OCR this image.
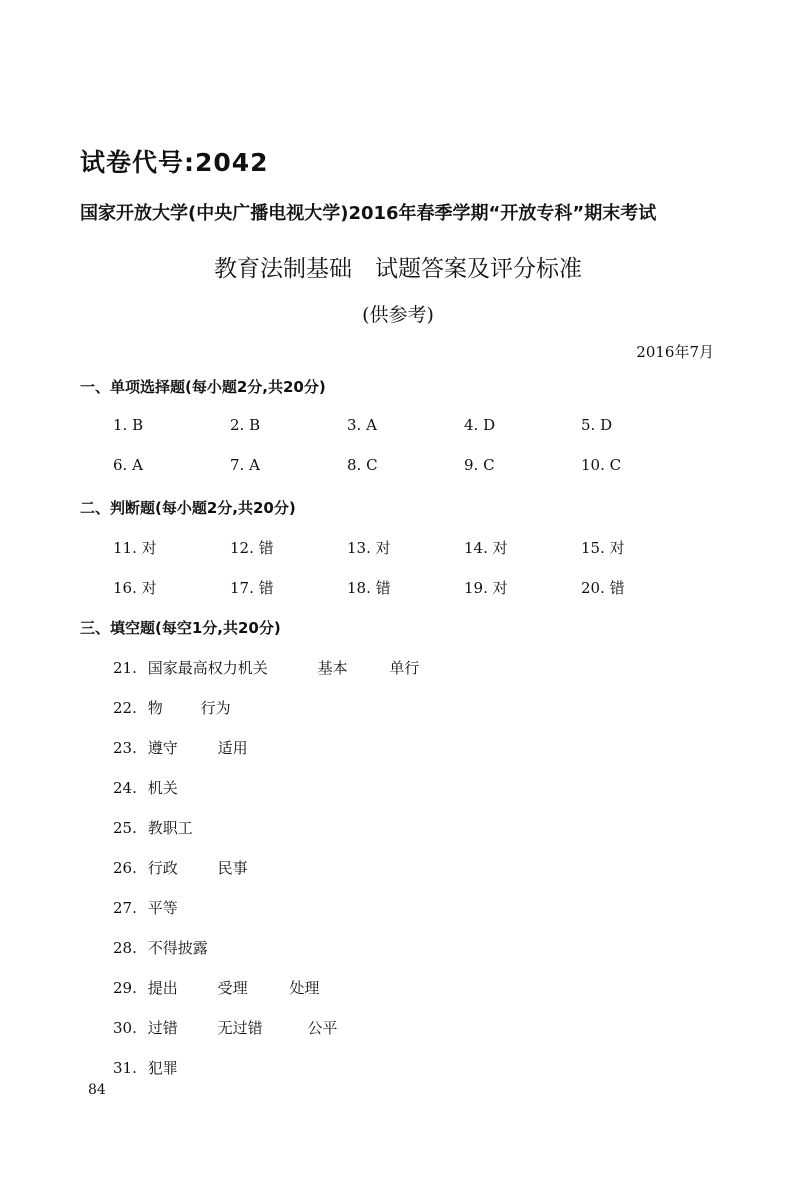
试卷代号:2042
国家开放大学(中央广播电视大学)2016年春季学期“开放专科”期末考试
教育法制基础　试题答案及评分标准
(供参考)
2016年7月
一、单项选择题(每小题2分,共20分)
1. B	2. B	3. A	4. D	5. D
6. A	7. A	8. C	9. C	10. C
二、判断题(每小题2分,共20分)
11. 对	12. 错	13. 对	14. 对	15. 对
16. 对	17. 错	18. 错	19. 对	20. 错
三、填空题(每空1分,共20分)
21. 国家最高权力机关	基本	单行
22. 物	行为
23. 遵守	适用
24. 机关
25. 教职工
26. 行政	民事
27. 平等
28. 不得披露
29. 提出	受理	处理
30. 过错	无过错	公平
31. 犯罪
84
